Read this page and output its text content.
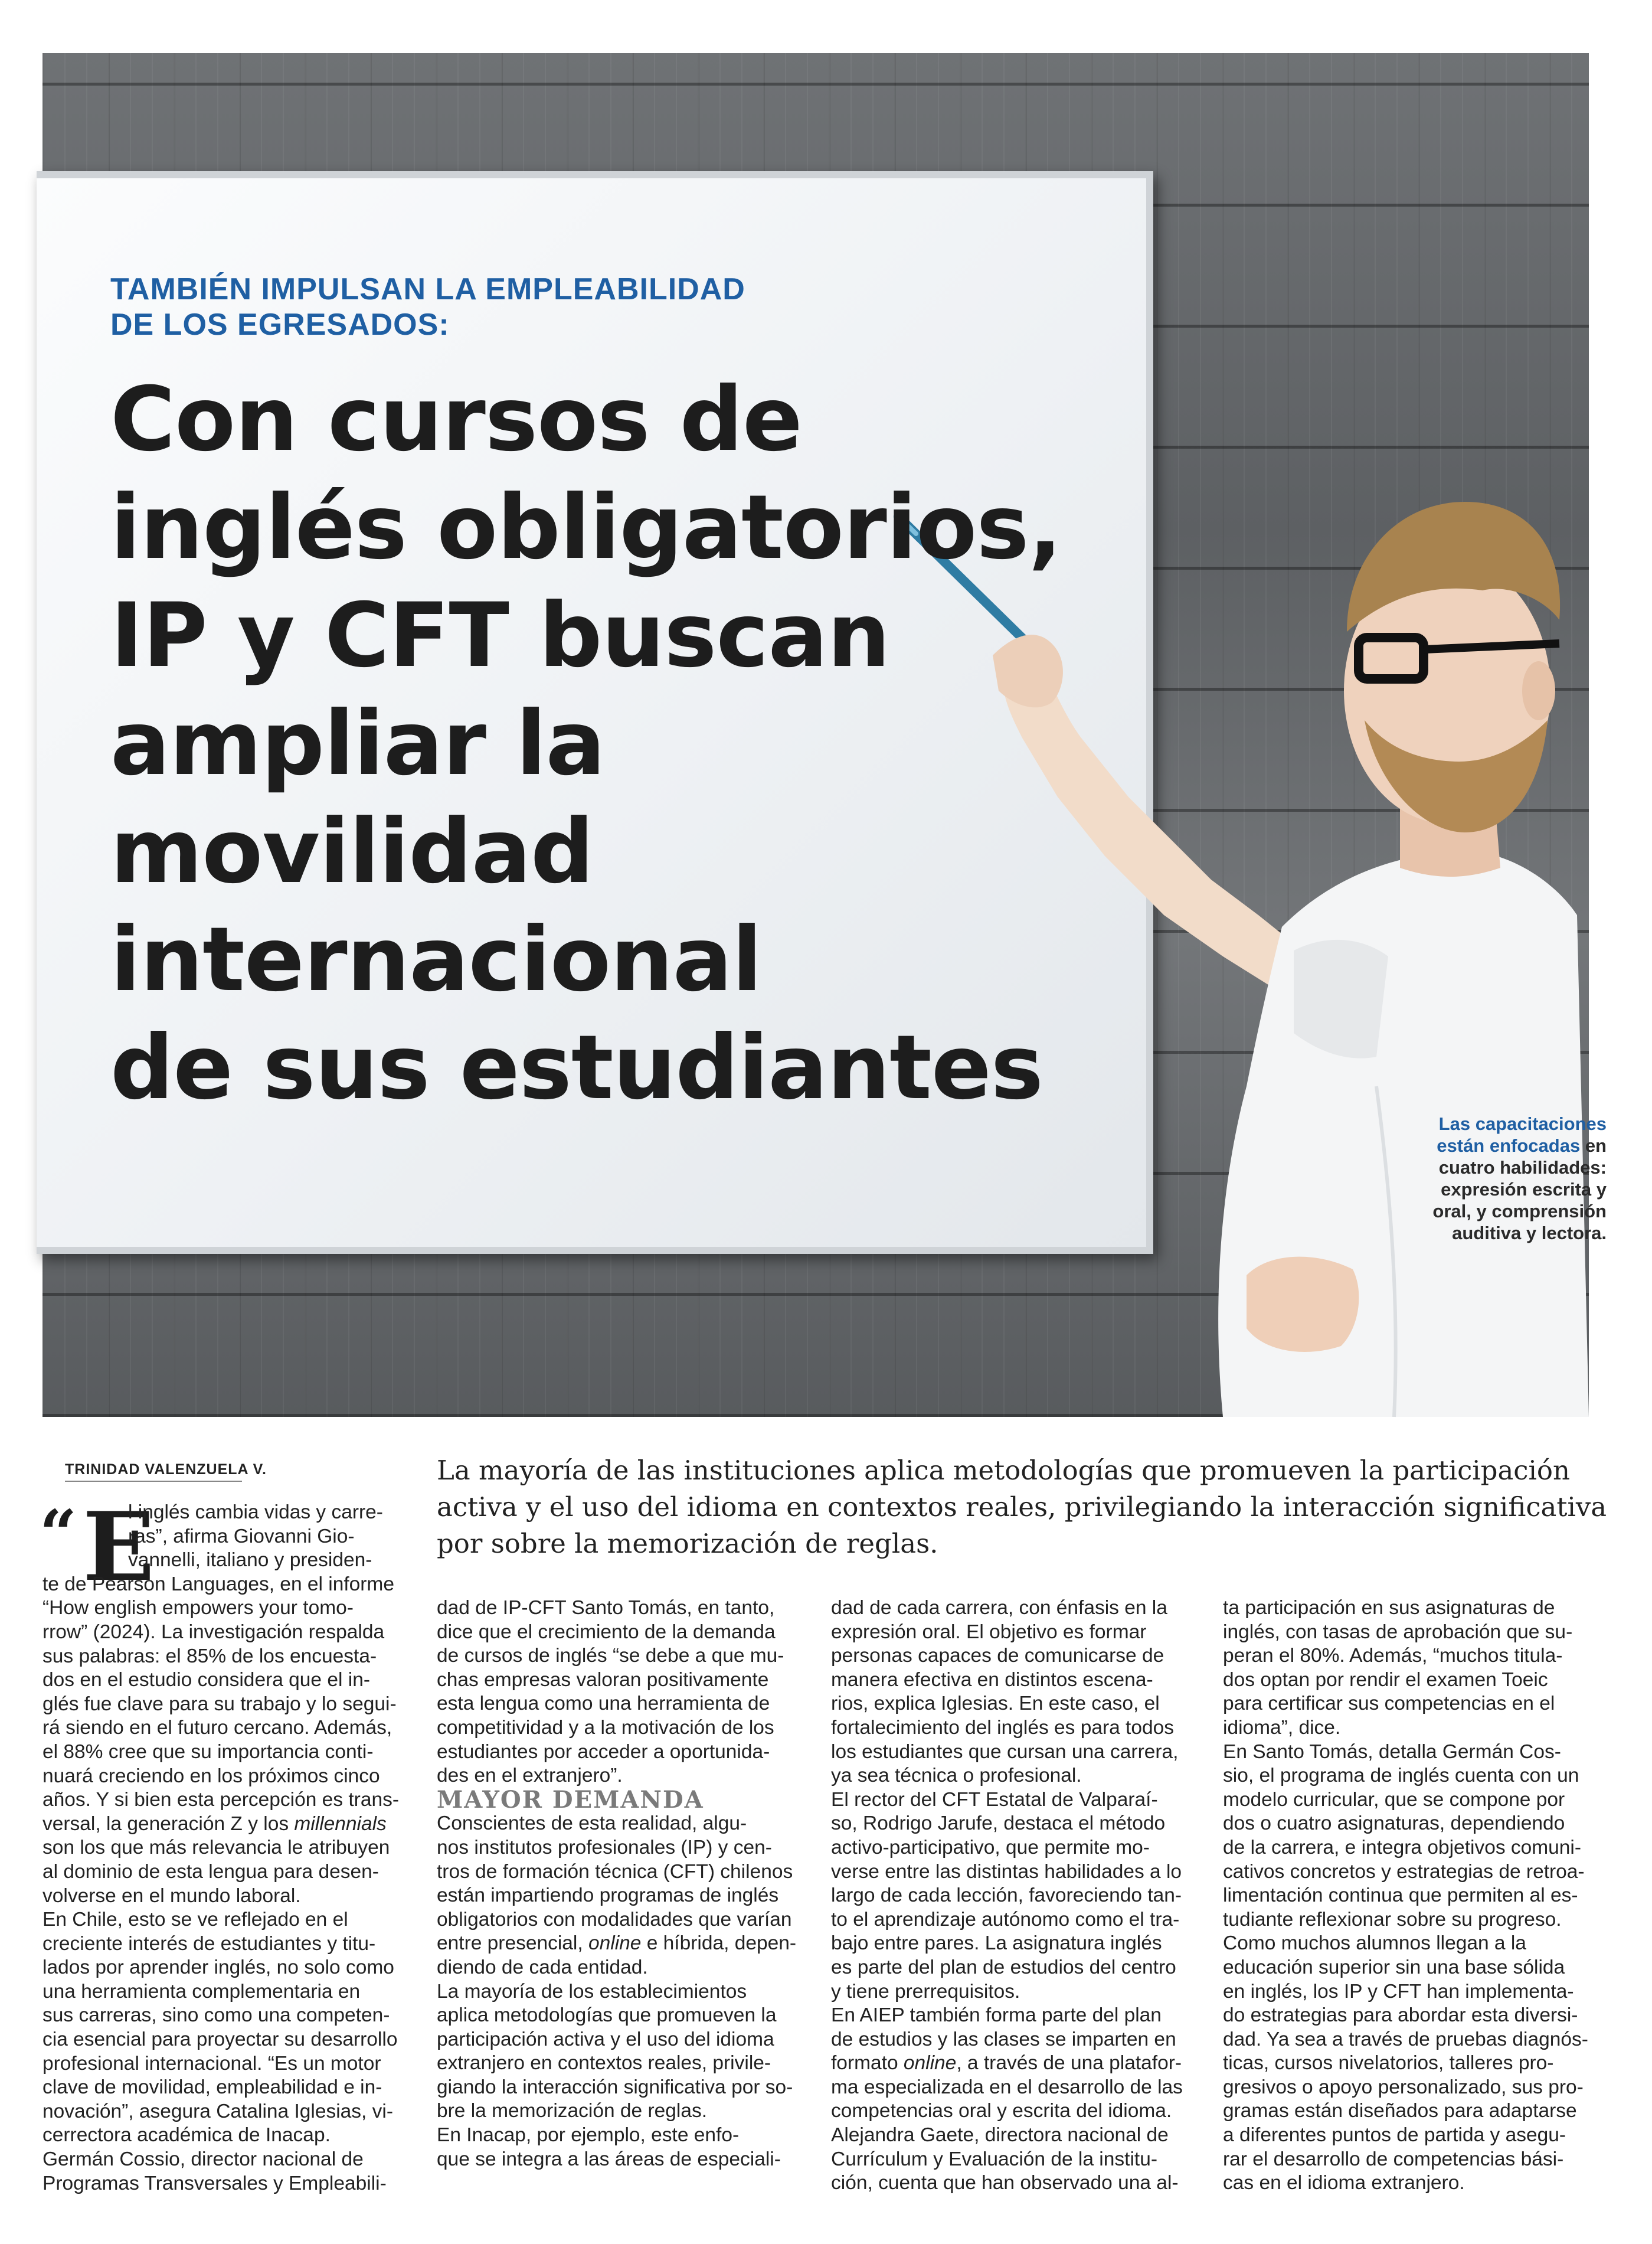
TAMBIÉN IMPULSAN LA EMPLEABILIDAD
DE LOS EGRESADOS:
Con cursos de
inglés obligatorios,
IP y CFT buscan
ampliar la
movilidad
internacional
de sus estudiantes

Las capacitaciones
están enfocadas en
cuatro habilidades:
expresión escrita y
oral, y comprensión
auditiva y lectora.

TRINIDAD VALENZUELA V.	La mayoría de las instituciones aplica metodologías que promueven la participación
activa y el uso del idioma en contextos reales, privilegiando la interacción significativa
por sobre la memorización de reglas.

“ E
l inglés cambia vidas y carre-
ras”, afirma Giovanni Gio-
vannelli, italiano y presiden-
te de Pearson Languages, en el informe
“How english empowers your tomo-
rrow” (2024). La investigación respalda
sus palabras: el 85% de los encuesta-
dos en el estudio considera que el in-
glés fue clave para su trabajo y lo segui-
rá siendo en el futuro cercano. Además,
el 88% cree que su importancia conti-
nuará creciendo en los próximos cinco
años. Y si bien esta percepción es trans-
versal, la generación Z y los millennials
son los que más relevancia le atribuyen
al dominio de esta lengua para desen-
volverse en el mundo laboral.
En Chile, esto se ve reflejado en el
creciente interés de estudiantes y titu-
lados por aprender inglés, no solo como
una herramienta complementaria en
sus carreras, sino como una competen-
cia esencial para proyectar su desarrollo
profesional internacional. “Es un motor
clave de movilidad, empleabilidad e in-
novación”, asegura Catalina Iglesias, vi-
cerrectora académica de Inacap.
Germán Cossio, director nacional de
Programas Transversales y Empleabili-
dad de IP-CFT Santo Tomás, en tanto,
dice que el crecimiento de la demanda
de cursos de inglés “se debe a que mu-
chas empresas valoran positivamente
esta lengua como una herramienta de
competitividad y a la motivación de los
estudiantes por acceder a oportunida-
des en el extranjero”.
MAYOR DEMANDA
Conscientes de esta realidad, algu-
nos institutos profesionales (IP) y cen-
tros de formación técnica (CFT) chilenos
están impartiendo programas de inglés
obligatorios con modalidades que varían
entre presencial, online e híbrida, depen-
diendo de cada entidad.
La mayoría de los establecimientos
aplica metodologías que promueven la
participación activa y el uso del idioma
extranjero en contextos reales, privile-
giando la interacción significativa por so-
bre la memorización de reglas.
En Inacap, por ejemplo, este enfo-
que se integra a las áreas de especiali-
dad de cada carrera, con énfasis en la
expresión oral. El objetivo es formar
personas capaces de comunicarse de
manera efectiva en distintos escena-
rios, explica Iglesias. En este caso, el
fortalecimiento del inglés es para todos
los estudiantes que cursan una carrera,
ya sea técnica o profesional.
El rector del CFT Estatal de Valparaí-
so, Rodrigo Jarufe, destaca el método
activo-participativo, que permite mo-
verse entre las distintas habilidades a lo
largo de cada lección, favoreciendo tan-
to el aprendizaje autónomo como el tra-
bajo entre pares. La asignatura inglés
es parte del plan de estudios del centro
y tiene prerrequisitos.
En AIEP también forma parte del plan
de estudios y las clases se imparten en
formato online, a través de una platafor-
ma especializada en el desarrollo de las
competencias oral y escrita del idioma.
Alejandra Gaete, directora nacional de
Currículum y Evaluación de la institu-
ción, cuenta que han observado una al-
ta participación en sus asignaturas de
inglés, con tasas de aprobación que su-
peran el 80%. Además, “muchos titula-
dos optan por rendir el examen Toeic
para certificar sus competencias en el
idioma”, dice.
En Santo Tomás, detalla Germán Cos-
sio, el programa de inglés cuenta con un
modelo curricular, que se compone por
dos o cuatro asignaturas, dependiendo
de la carrera, e integra objetivos comuni-
cativos concretos y estrategias de retroa-
limentación continua que permiten al es-
tudiante reflexionar sobre su progreso.
Como muchos alumnos llegan a la
educación superior sin una base sólida
en inglés, los IP y CFT han implementa-
do estrategias para abordar esta diversi-
dad. Ya sea a través de pruebas diagnós-
ticas, cursos nivelatorios, talleres pro-
gresivos o apoyo personalizado, sus pro-
gramas están diseñados para adaptarse
a diferentes puntos de partida y asegu-
rar el desarrollo de competencias bási-
cas en el idioma extranjero.
